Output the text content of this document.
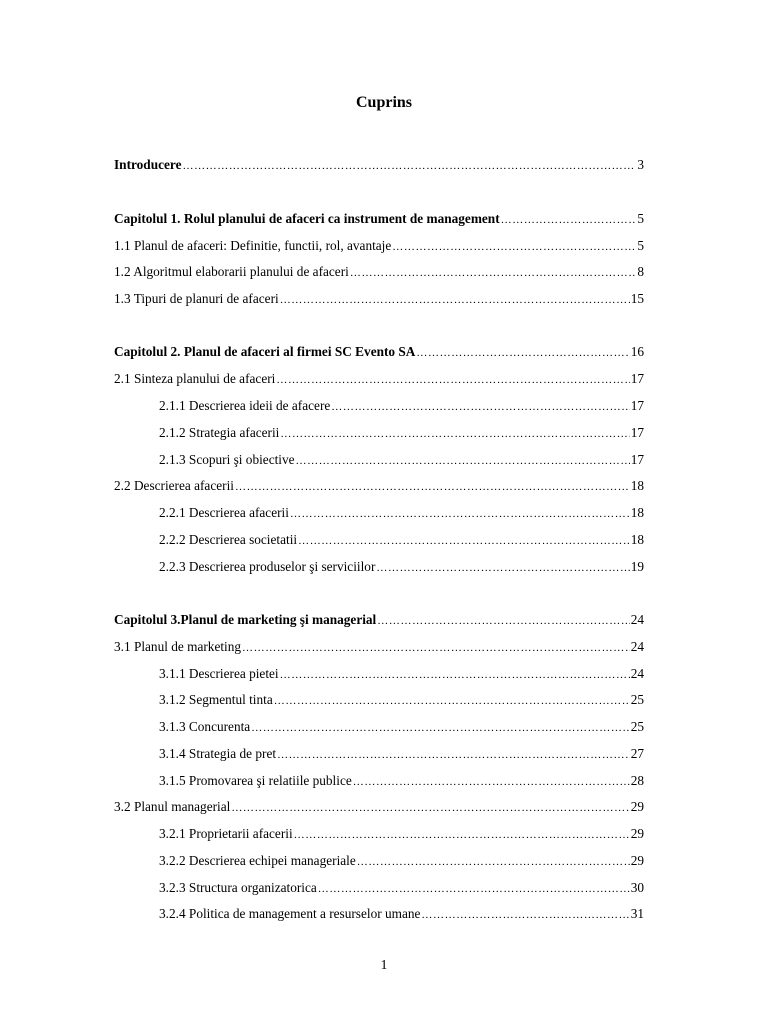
Cuprins
Introducere ……………………………………………………………………………………………………………………………………………………………………	3
Capitolul 1. Rolul planului de afaceri ca instrument de management ……………………………………………………………………………………………………………………………………………………………………	5
1.1 Planul de afaceri: Definitie, functii, rol, avantaje ……………………………………………………………………………………………………………………………………………………………………	5
1.2 Algoritmul elaborarii planului de afaceri ……………………………………………………………………………………………………………………………………………………………………	8
1.3 Tipuri de planuri de afaceri ……………………………………………………………………………………………………………………………………………………………………	15
Capitolul 2. Planul de afaceri al firmei SC Evento SA ……………………………………………………………………………………………………………………………………………………………………	16
2.1 Sinteza planului de afaceri ……………………………………………………………………………………………………………………………………………………………………	17
2.1.1 Descrierea ideii de afacere ……………………………………………………………………………………………………………………………………………………………………	17
2.1.2 Strategia afacerii ……………………………………………………………………………………………………………………………………………………………………	17
2.1.3 Scopuri şi obiective ……………………………………………………………………………………………………………………………………………………………………	17
2.2 Descrierea afacerii ……………………………………………………………………………………………………………………………………………………………………	18
2.2.1 Descrierea afacerii ……………………………………………………………………………………………………………………………………………………………………	18
2.2.2 Descrierea societatii ……………………………………………………………………………………………………………………………………………………………………	18
2.2.3 Descrierea produselor şi serviciilor ……………………………………………………………………………………………………………………………………………………………………	19
Capitolul 3.Planul de marketing şi managerial ……………………………………………………………………………………………………………………………………………………………………	24
3.1 Planul de marketing ……………………………………………………………………………………………………………………………………………………………………	24
3.1.1 Descrierea pietei ……………………………………………………………………………………………………………………………………………………………………	24
3.1.2 Segmentul tinta ……………………………………………………………………………………………………………………………………………………………………	25
3.1.3 Concurenta ……………………………………………………………………………………………………………………………………………………………………	25
3.1.4 Strategia de pret ……………………………………………………………………………………………………………………………………………………………………	27
3.1.5 Promovarea şi relatiile publice ……………………………………………………………………………………………………………………………………………………………………	28
3.2 Planul managerial ……………………………………………………………………………………………………………………………………………………………………	29
3.2.1 Proprietarii afacerii ……………………………………………………………………………………………………………………………………………………………………	29
3.2.2 Descrierea echipei manageriale ……………………………………………………………………………………………………………………………………………………………………	29
3.2.3 Structura organizatorica ……………………………………………………………………………………………………………………………………………………………………	30
3.2.4 Politica de management a resurselor umane ……………………………………………………………………………………………………………………………………………………………………	31
1
